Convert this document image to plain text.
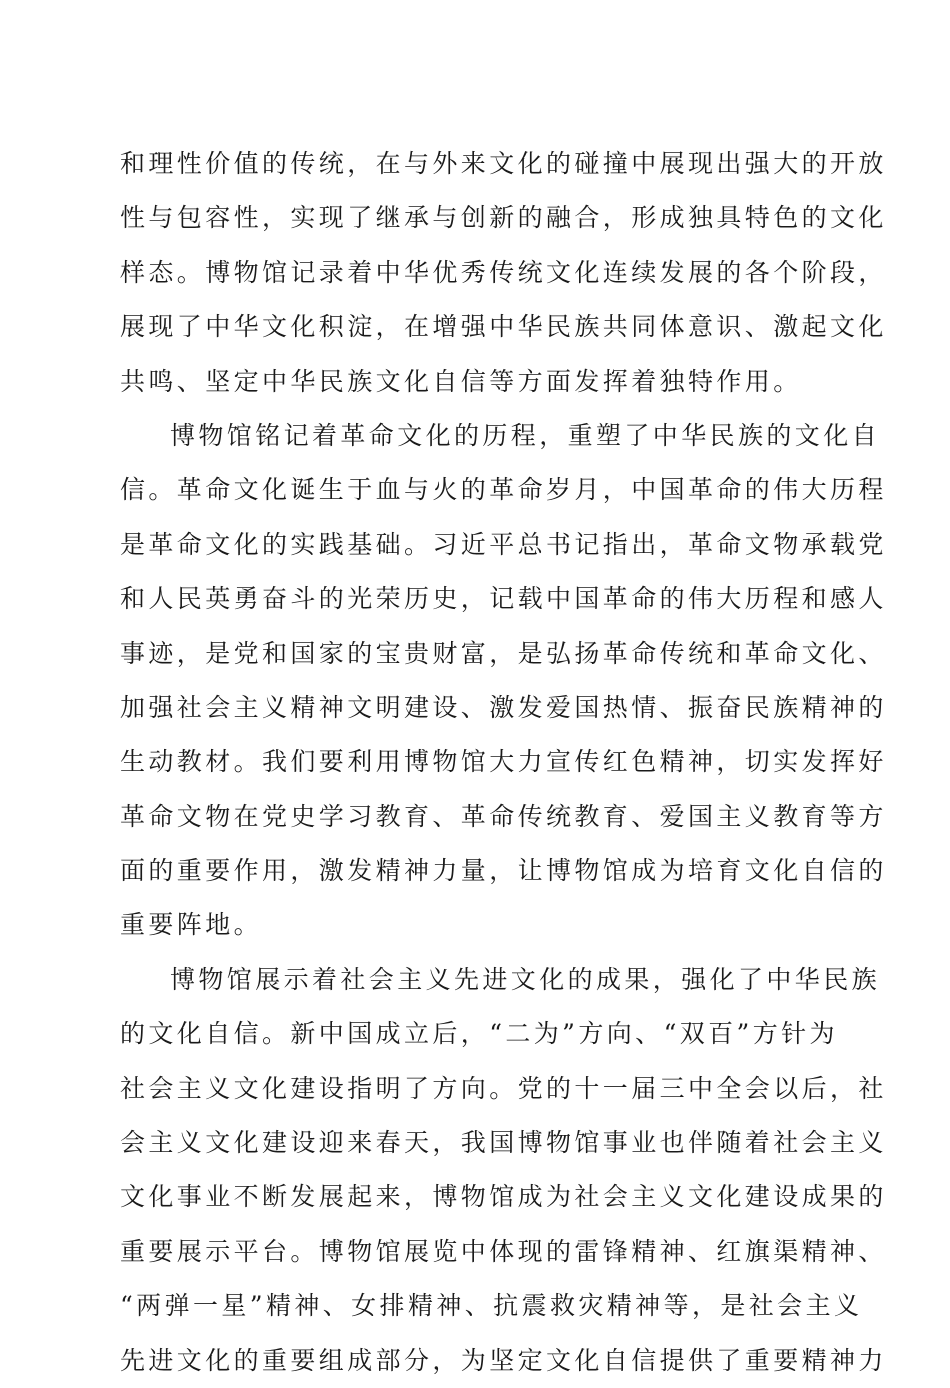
和理性价值的传统，在与外来文化的碰撞中展现出强大的开放
性与包容性，实现了继承与创新的融合，形成独具特色的文化
样态。博物馆记录着中华优秀传统文化连续发展的各个阶段，
展现了中华文化积淀，在增强中华民族共同体意识、激起文化
共鸣、坚定中华民族文化自信等方面发挥着独特作用。
博物馆铭记着革命文化的历程，重塑了中华民族的文化自
信。革命文化诞生于血与火的革命岁月，中国革命的伟大历程
是革命文化的实践基础。习近平总书记指出，革命文物承载党
和人民英勇奋斗的光荣历史，记载中国革命的伟大历程和感人
事迹，是党和国家的宝贵财富，是弘扬革命传统和革命文化、
加强社会主义精神文明建设、激发爱国热情、振奋民族精神的
生动教材。我们要利用博物馆大力宣传红色精神，切实发挥好
革命文物在党史学习教育、革命传统教育、爱国主义教育等方
面的重要作用，激发精神力量，让博物馆成为培育文化自信的
重要阵地。
博物馆展示着社会主义先进文化的成果，强化了中华民族
的文化自信。新中国成立后，“二为”方向、“双百”方针为
社会主义文化建设指明了方向。党的十一届三中全会以后，社
会主义文化建设迎来春天，我国博物馆事业也伴随着社会主义
文化事业不断发展起来，博物馆成为社会主义文化建设成果的
重要展示平台。博物馆展览中体现的雷锋精神、红旗渠精神、
“两弹一星”精神、女排精神、抗震救灾精神等，是社会主义
先进文化的重要组成部分，为坚定文化自信提供了重要精神力
